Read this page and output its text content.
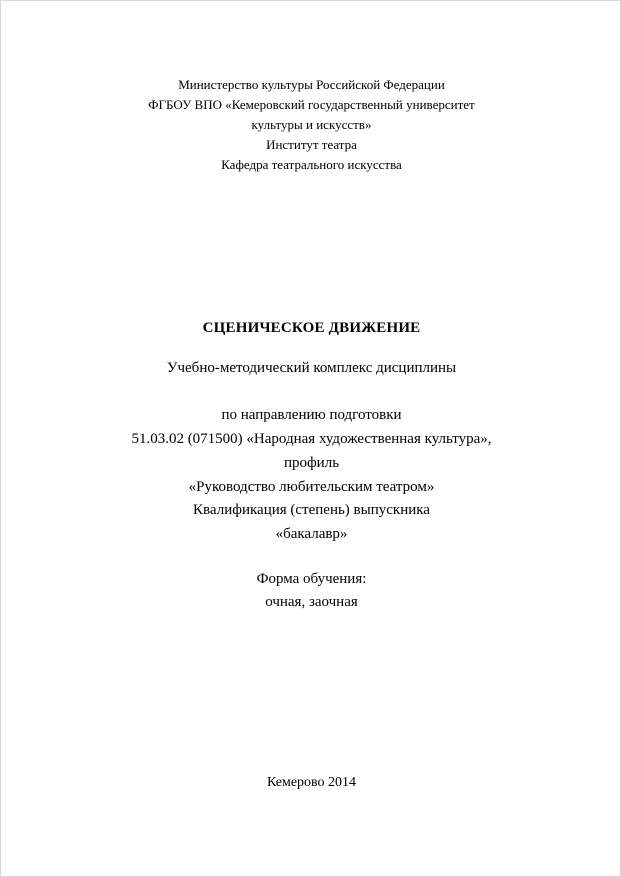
Министерство культуры Российской Федерации
ФГБОУ ВПО «Кемеровский государственный университет
культуры и искусств»
Институт театра
Кафедра театрального искусства
СЦЕНИЧЕСКОЕ ДВИЖЕНИЕ
Учебно-методический комплекс дисциплины
по направлению подготовки
51.03.02 (071500) «Народная художественная культура»,
профиль
«Руководство любительским театром»
Квалификация (степень) выпускника
«бакалавр»
Форма обучения:
очная, заочная
Кемерово 2014
